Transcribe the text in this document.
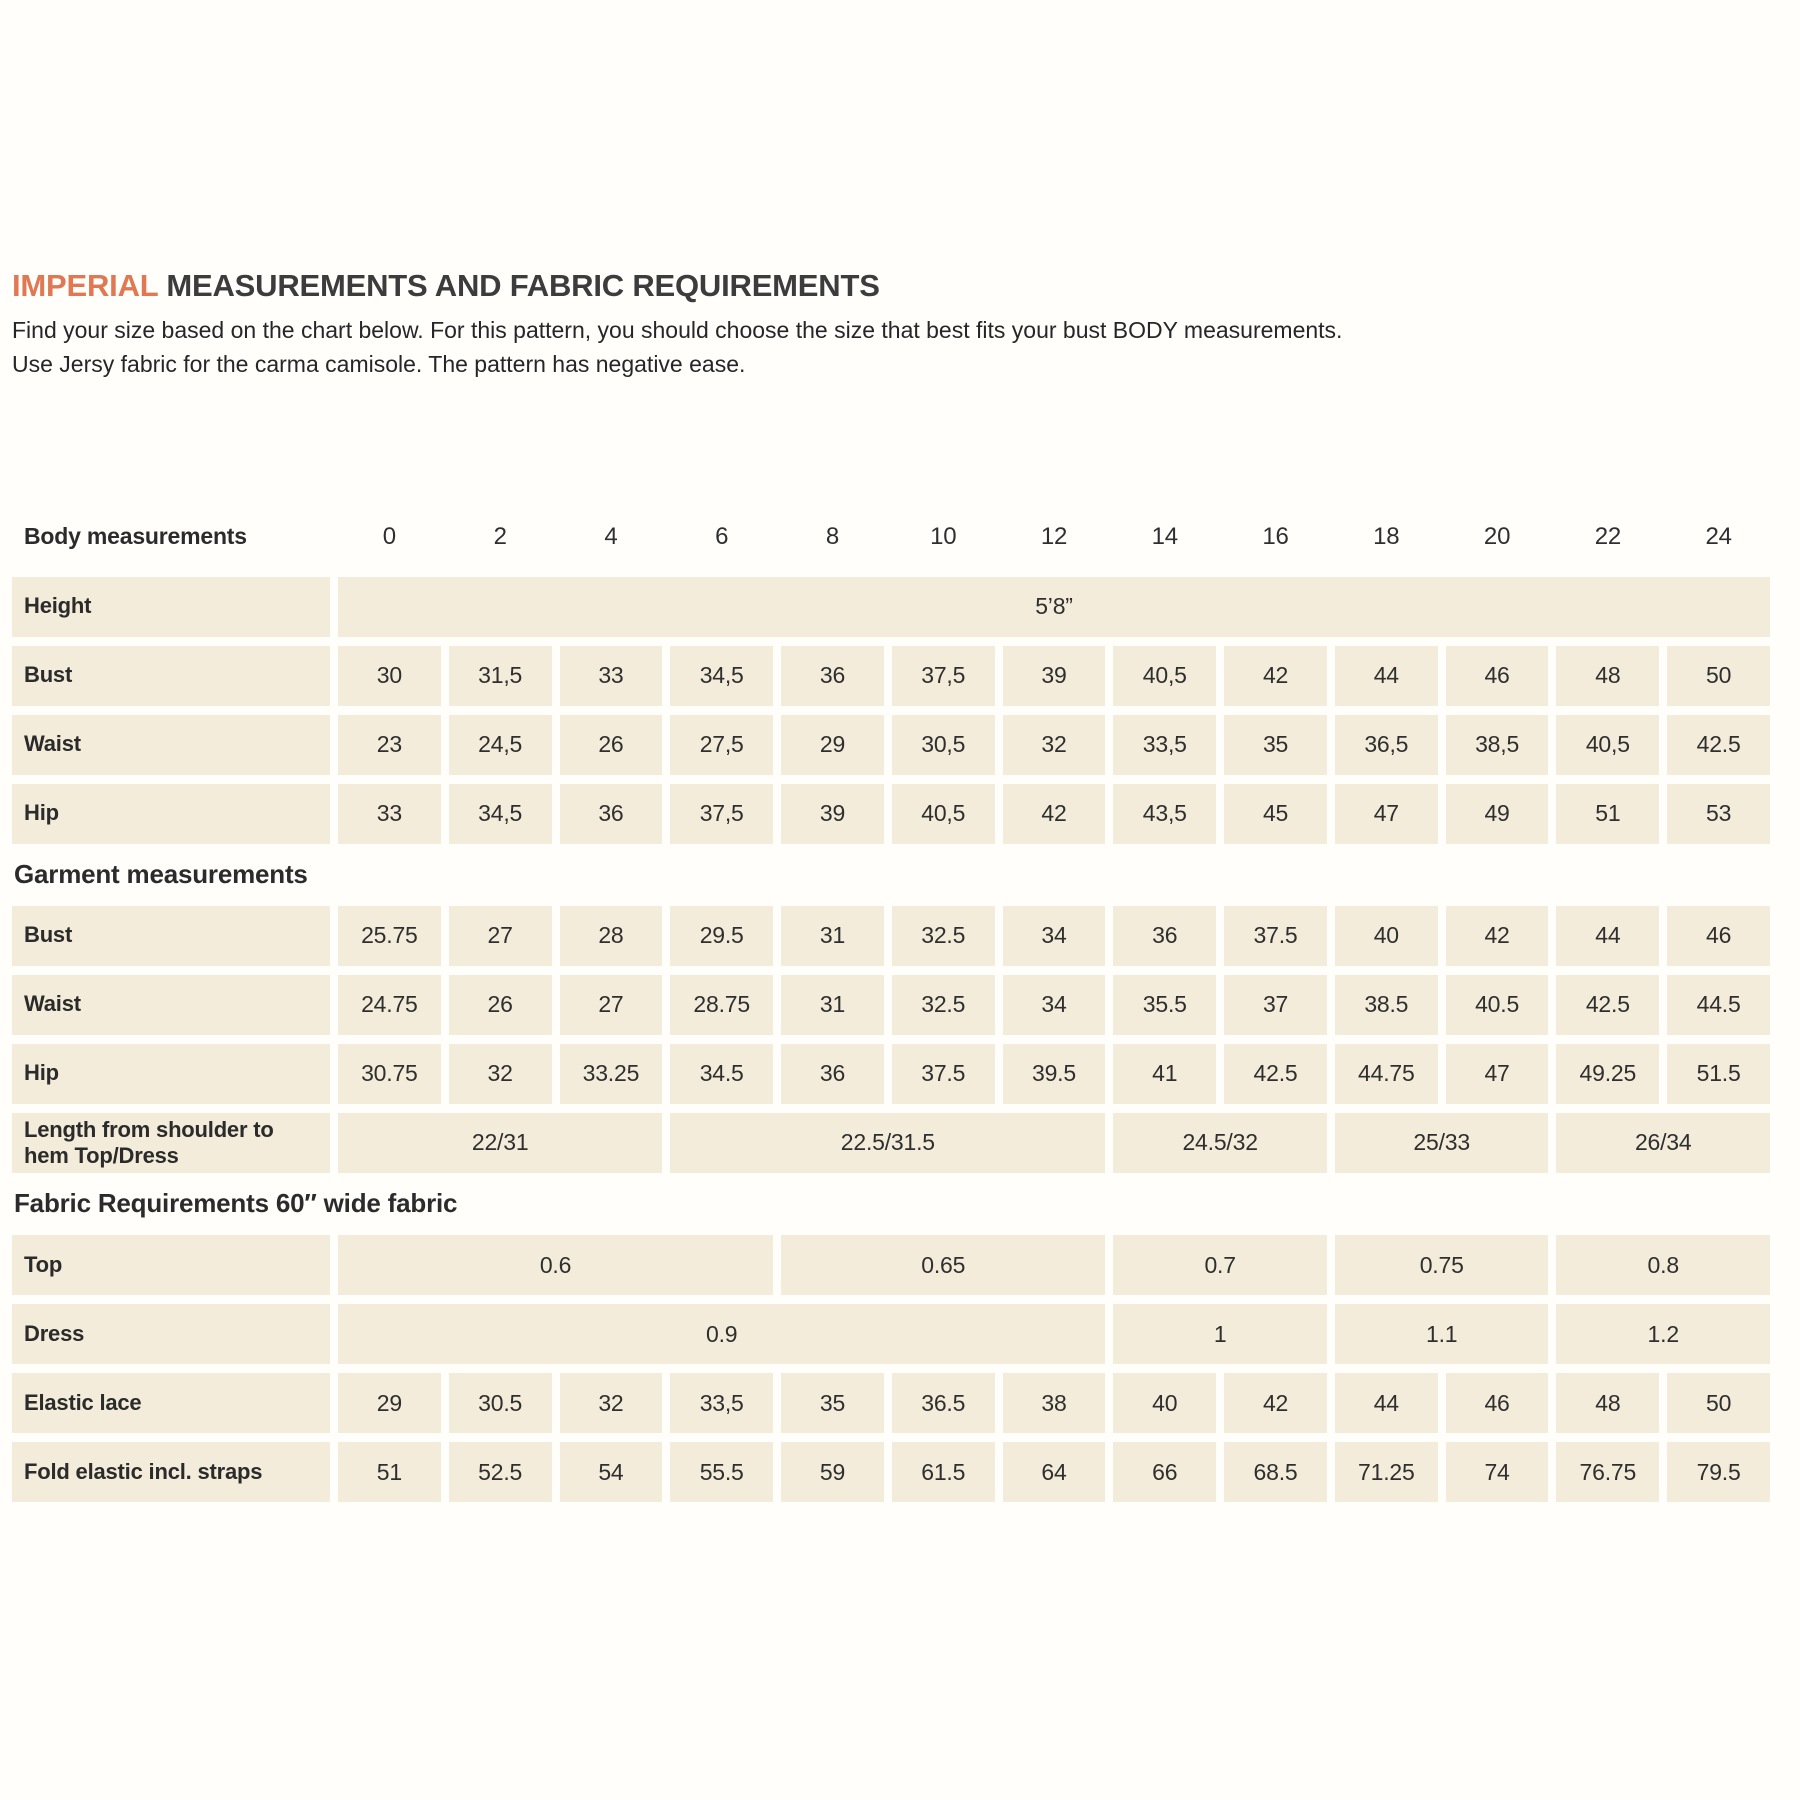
IMPERIAL MEASUREMENTS AND FABRIC REQUIREMENTS

Find your size based on the chart below. For this pattern, you should choose the size that best fits your bust BODY measurements.

Use Jersy fabric for the carma camisole. The pattern has negative ease.

Body measurements	0	2	4	6	8	10	12	14	16	18	20	22	24
Height	5’8”
Bust	30	31,5	33	34,5	36	37,5	39	40,5	42	44	46	48	50
Waist	23	24,5	26	27,5	29	30,5	32	33,5	35	36,5	38,5	40,5	42.5
Hip	33	34,5	36	37,5	39	40,5	42	43,5	45	47	49	51	53
Garment measurements
Bust	25.75	27	28	29.5	31	32.5	34	36	37.5	40	42	44	46
Waist	24.75	26	27	28.75	31	32.5	34	35.5	37	38.5	40.5	42.5	44.5
Hip	30.75	32	33.25	34.5	36	37.5	39.5	41	42.5	44.75	47	49.25	51.5
Length from shoulder to hem Top/Dress	22/31	22.5/31.5	24.5/32	25/33	26/34
Fabric Requirements 60″ wide fabric
Top	0.6	0.65	0.7	0.75	0.8
Dress	0.9	1	1.1	1.2
Elastic lace	29	30.5	32	33,5	35	36.5	38	40	42	44	46	48	50
Fold elastic incl. straps	51	52.5	54	55.5	59	61.5	64	66	68.5	71.25	74	76.75	79.5
